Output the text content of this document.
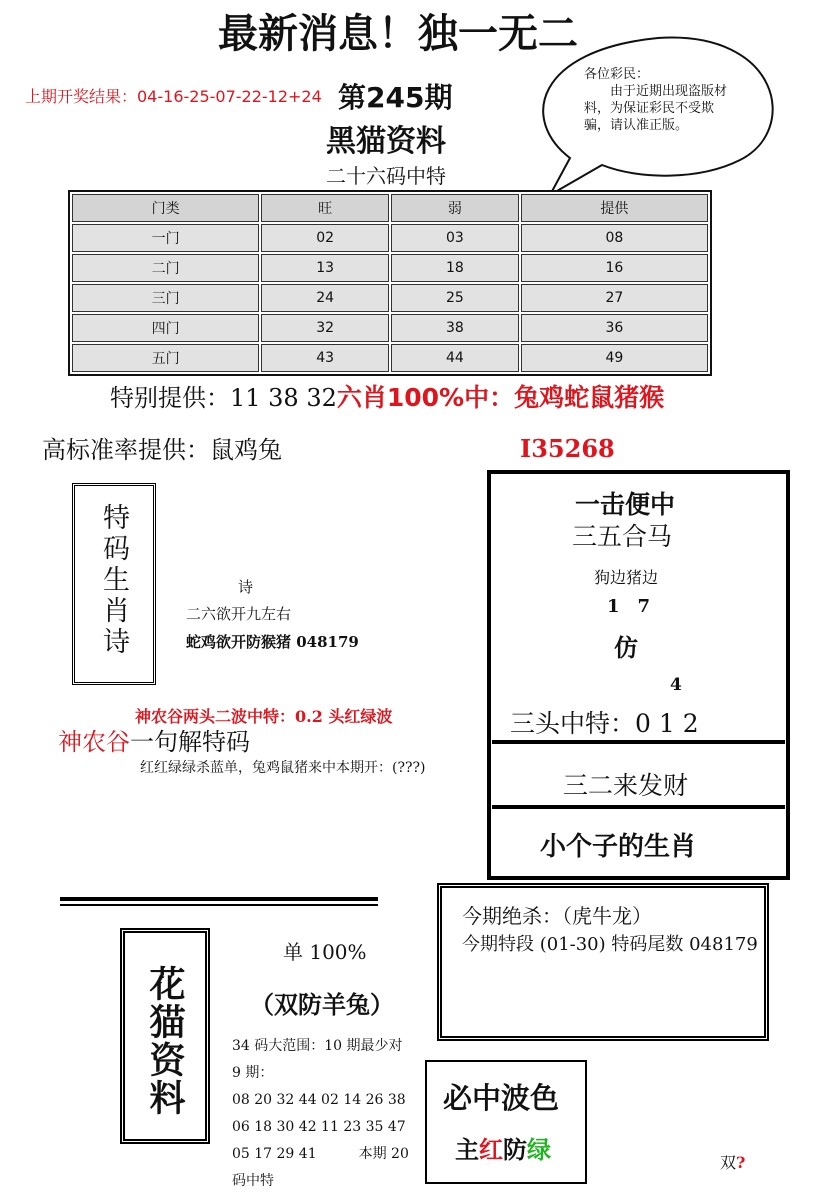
最新消息！独一无二
上期开奖结果：04-16-25-07-22-12+24 第245期
黑猫资料
二十六码中特
各位彩民：
由于近期出现盗版材料，为保证彩民不受欺骗，请认准正版。
门类	旺	弱	提供
一门	02	03	08
二门	13	18	16
三门	24	25	27
四门	32	38	36
五门	43	44	49
特别提供：11 38 32六肖100%中：兔鸡蛇鼠猪猴
高标准率提供：鼠鸡兔	I35268
特码生肖诗	诗
二六欲开九左右
蛇鸡欲开防猴猪 048179
一击便中
三五合马
狗边猪边
1　7
仿
4
三头中特：0 1 2
三二来发财
小个子的生肖
神农谷两头二波中特：0.2 头红绿波
神农谷一句解特码
红红绿绿杀蓝单，兔鸡鼠猪来中本期开：(???)
今期绝杀：（虎牛龙）
今期特段 (01-30) 特码尾数 048179
花猫资料
单 100%
（双防羊兔）
34 码大范围：10 期最少对
9 期：
08 20 32 44 02 14 26 38
06 18 30 42 11 23 35 47
05 17 29 41　　　本期 20
码中特
必中波色
主红防绿	双?
